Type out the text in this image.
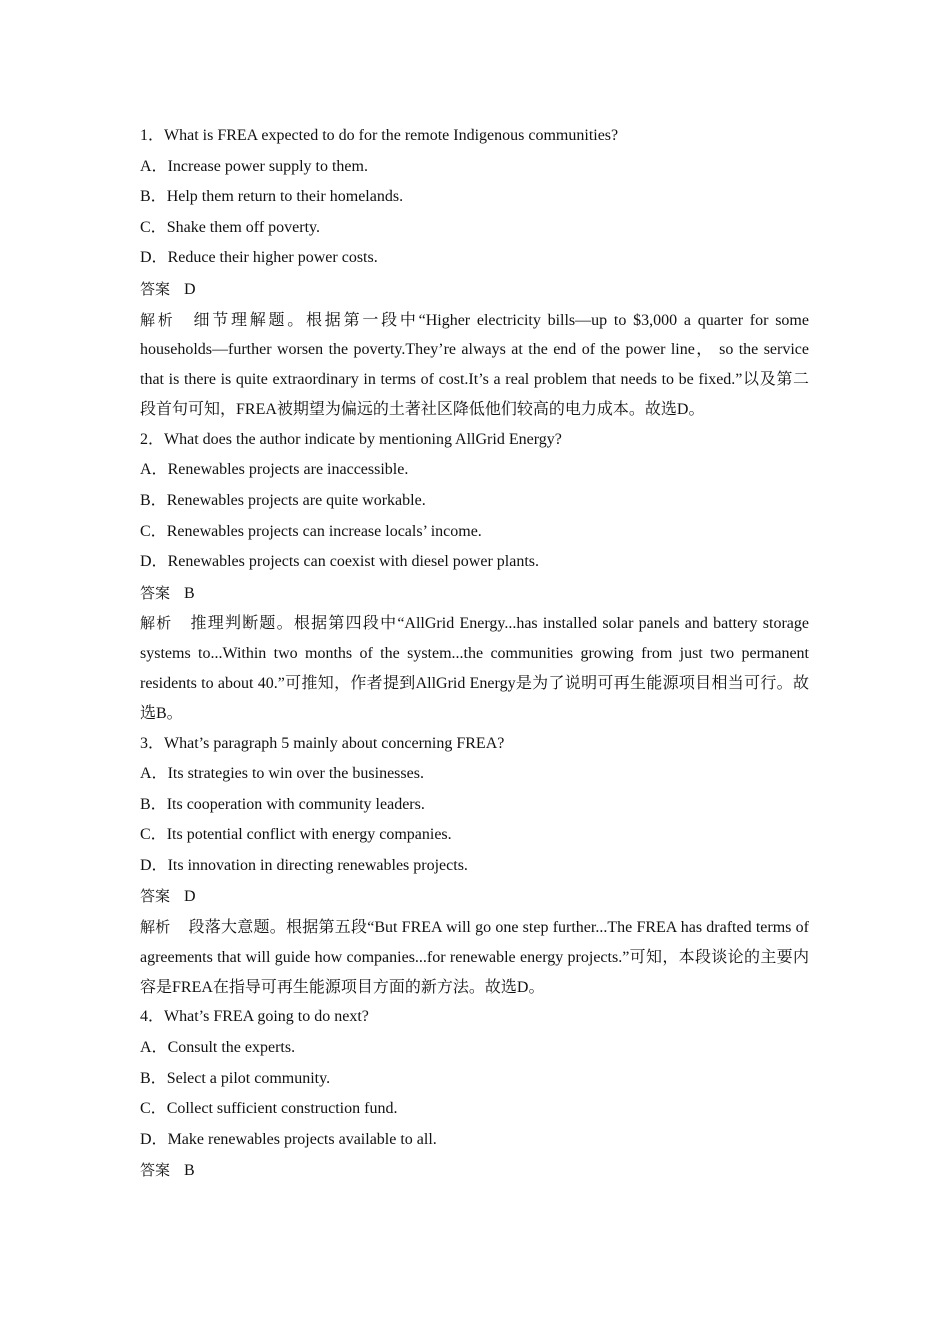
1．What is FREA expected to do for the remote Indigenous communities?

A．Increase power supply to them.

B．Help them return to their homelands.

C．Shake them off poverty.

D．Reduce their higher power costs.

答案 D

解析 细节理解题。根据第一段中“Higher electricity bills—up to $3,000 a quarter for some households—further worsen the poverty.They’re always at the end of the power line， so the service that is there is quite extraordinary in terms of cost.It’s a real problem that needs to be fixed.”以及第二段首句可知，FREA被期望为偏远的土著社区降低他们较高的电力成本。故选D。

2．What does the author indicate by mentioning AllGrid Energy?

A．Renewables projects are inaccessible.

B．Renewables projects are quite workable.

C．Renewables projects can increase locals’ income.

D．Renewables projects can coexist with diesel power plants.

答案 B

解析 推理判断题。根据第四段中“AllGrid Energy...has installed solar panels and battery storage systems to...Within two months of the system...the communities growing from just two permanent residents to about 40.”可推知，作者提到AllGrid Energy是为了说明可再生能源项目相当可行。故选B。

3．What’s paragraph 5 mainly about concerning FREA?

A．Its strategies to win over the businesses.

B．Its cooperation with community leaders.

C．Its potential conflict with energy companies.

D．Its innovation in directing renewables projects.

答案 D

解析 段落大意题。根据第五段“But FREA will go one step further...The FREA has drafted terms of agreements that will guide how companies...for renewable energy projects.”可知，本段谈论的主要内容是FREA在指导可再生能源项目方面的新方法。故选D。

4．What’s FREA going to do next?

A．Consult the experts.

B．Select a pilot community.

C．Collect sufficient construction fund.

D．Make renewables projects available to all.

答案 B
